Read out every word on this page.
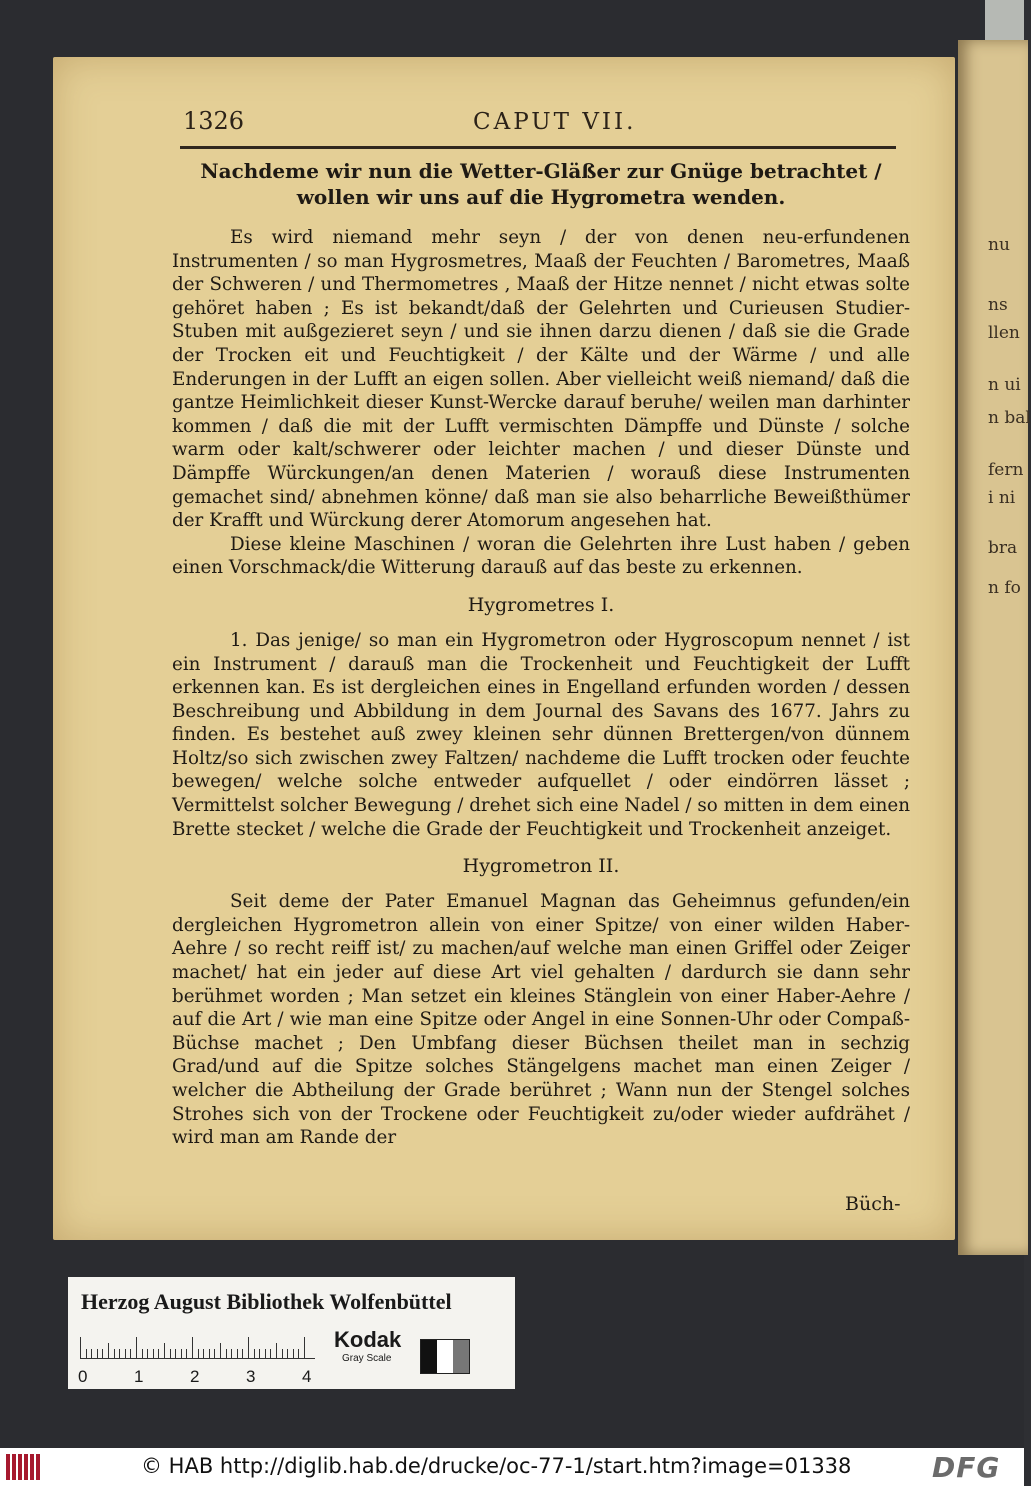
nu
ns
llen
n ui
n bal
fern
i ni
bra
n fo
1326	CAPUT VII.

Nachdeme wir nun die Wetter-Gläßer zur Gnüge betrachtet / wollen wir uns auf die Hygrometra wenden.

Es wird niemand mehr seyn / der von denen neu-erfundenen Instrumenten / so man Hygrosmetres, Maaß der Feuchten / Barometres, Maaß der Schweren / und Thermometres , Maaß der Hitze nennet / nicht etwas solte gehöret haben ; Es ist bekandt/daß der Gelehrten und Curieusen Studier-Stuben mit außgezieret seyn / und sie ihnen darzu dienen / daß sie die Grade der Trocken eit und Feuchtigkeit / der Kälte und der Wärme / und alle Enderungen in der Lufft an eigen sollen. Aber vielleicht weiß niemand/ daß die gantze Heimlichkeit dieser Kunst-Wercke darauf beruhe/ weilen man darhinter kommen / daß die mit der Lufft vermischten Dämpffe und Dünste / solche warm oder kalt/schwerer oder leichter machen / und dieser Dünste und Dämpffe Würckungen/an denen Materien / worauß diese Instrumenten gemachet sind/ abnehmen könne/ daß man sie also beharrliche Beweißthümer der Krafft und Würckung derer Atomorum angesehen hat.

Diese kleine Maschinen / woran die Gelehrten ihre Lust haben / geben einen Vorschmack/die Witterung darauß auf das beste zu erkennen.

Hygrometres I.

1. Das jenige/ so man ein Hygrometron oder Hygroscopum nennet / ist ein Instrument / darauß man die Trockenheit und Feuchtigkeit der Lufft erkennen kan. Es ist dergleichen eines in Engelland erfunden worden / dessen Beschreibung und Abbildung in dem Journal des Savans des 1677. Jahrs zu finden. Es bestehet auß zwey kleinen sehr dünnen Brettergen/von dünnem Holtz/so sich zwischen zwey Faltzen/ nachdeme die Lufft trocken oder feuchte bewegen/ welche solche entweder aufquellet / oder eindörren lässet ; Vermittelst solcher Bewegung / drehet sich eine Nadel / so mitten in dem einen Brette stecket / welche die Grade der Feuchtigkeit und Trockenheit anzeiget.

Hygrometron II.

Seit deme der Pater Emanuel Magnan das Geheimnus gefunden/ein dergleichen Hygrometron allein von einer Spitze/ von einer wilden Haber-Aehre / so recht reiff ist/ zu machen/auf welche man einen Griffel oder Zeiger machet/ hat ein jeder auf diese Art viel gehalten / dardurch sie dann sehr berühmet worden ; Man setzet ein kleines Stänglein von einer Haber-Aehre / auf die Art / wie man eine Spitze oder Angel in eine Sonnen-Uhr oder Compaß-Büchse machet ; Den Umbfang dieser Büchsen theilet man in sechzig Grad/und auf die Spitze solches Stängelgens machet man einen Zeiger / welcher die Abtheilung der Grade berühret ; Wann nun der Stengel solches Strohes sich von der Trockene oder Feuchtigkeit zu/oder wieder aufdrähet / wird man am Rande der

Büch-
Herzog August Bibliothek Wolfenbüttel
0	1	2	3	4
Kodak
Gray Scale
© HAB http://diglib.hab.de/drucke/oc-77-1/start.htm?image=01338	DFG
